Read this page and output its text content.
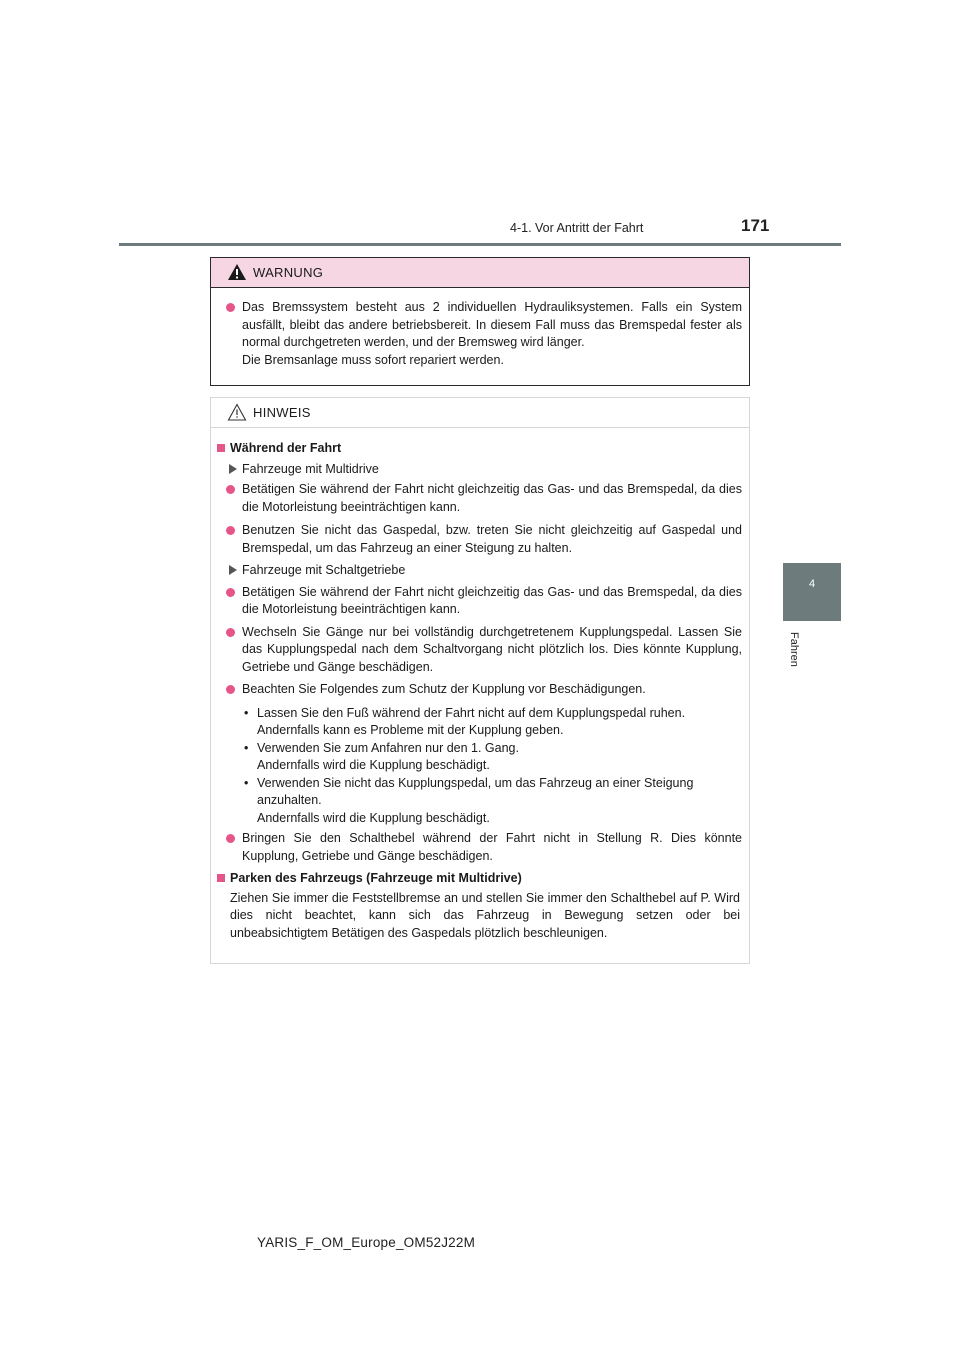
4-1. Vor Antritt der Fahrt	171
4
Fahren
WARNUNG
Das Bremssystem besteht aus 2 individuellen Hydrauliksystemen. Falls ein System ausfällt, bleibt das andere betriebsbereit. In diesem Fall muss das Bremspedal fester als normal durchgetreten werden, und der Bremsweg wird länger.
Die Bremsanlage muss sofort repariert werden.
HINWEIS
Während der Fahrt
Fahrzeuge mit Multidrive
Betätigen Sie während der Fahrt nicht gleichzeitig das Gas- und das Bremspedal, da dies die Motorleistung beeinträchtigen kann.
Benutzen Sie nicht das Gaspedal, bzw. treten Sie nicht gleichzeitig auf Gaspedal und Bremspedal, um das Fahrzeug an einer Steigung zu halten.
Fahrzeuge mit Schaltgetriebe
Betätigen Sie während der Fahrt nicht gleichzeitig das Gas- und das Bremspedal, da dies die Motorleistung beeinträchtigen kann.
Wechseln Sie Gänge nur bei vollständig durchgetretenem Kupplungspedal. Lassen Sie das Kupplungspedal nach dem Schaltvorgang nicht plötzlich los. Dies könnte Kupplung, Getriebe und Gänge beschädigen.
Beachten Sie Folgendes zum Schutz der Kupplung vor Beschädigungen.
• Lassen Sie den Fuß während der Fahrt nicht auf dem Kupplungspedal ruhen.
Andernfalls kann es Probleme mit der Kupplung geben.
• Verwenden Sie zum Anfahren nur den 1. Gang.
Andernfalls wird die Kupplung beschädigt.
• Verwenden Sie nicht das Kupplungspedal, um das Fahrzeug an einer Steigung anzuhalten.
Andernfalls wird die Kupplung beschädigt.
Bringen Sie den Schalthebel während der Fahrt nicht in Stellung R. Dies könnte Kupplung, Getriebe und Gänge beschädigen.
Parken des Fahrzeugs (Fahrzeuge mit Multidrive)
Ziehen Sie immer die Feststellbremse an und stellen Sie immer den Schalthebel auf P. Wird dies nicht beachtet, kann sich das Fahrzeug in Bewegung setzen oder bei unbeabsichtigtem Betätigen des Gaspedals plötzlich beschleunigen.
YARIS_F_OM_Europe_OM52J22M
